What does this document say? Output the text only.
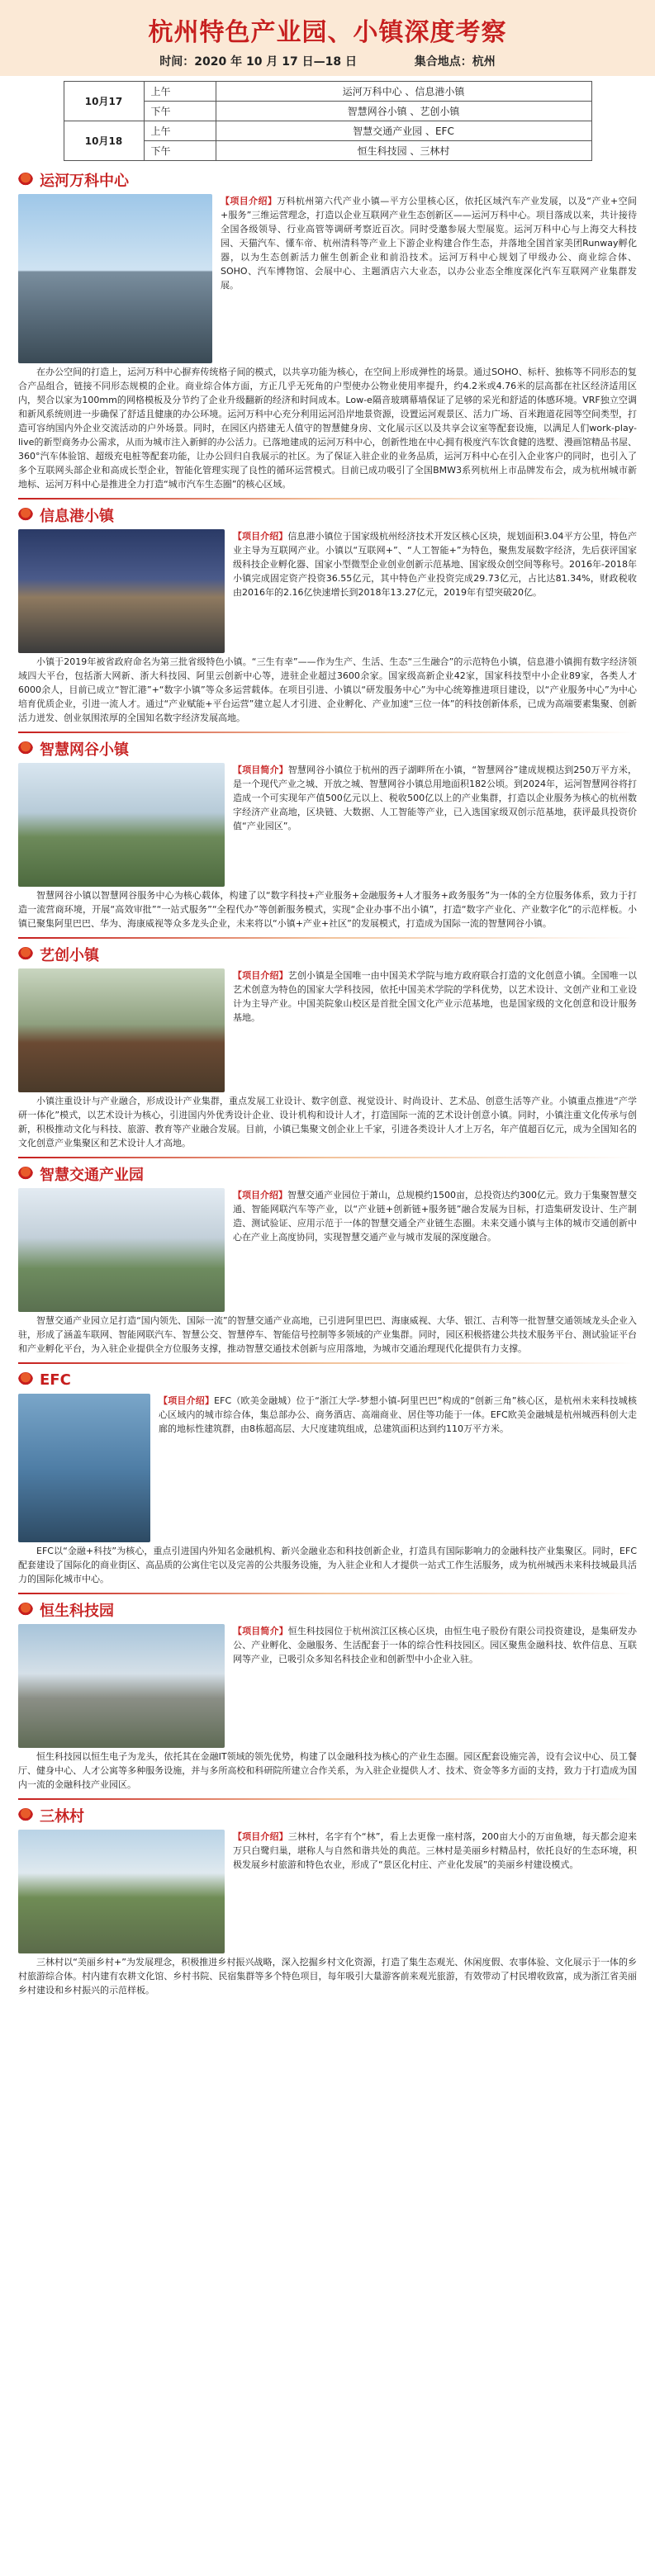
杭州特色产业园、小镇深度考察
时间：2020 年 10 月 17 日—18 日	集合地点：杭州
10月17	上午	运河万科中心 、信息港小镇
	下午	智慧网谷小镇 、艺创小镇
10月18	上午	智慧交通产业园 、EFC
	下午	恒生科技园 、三林村
运河万科中心
【项目介绍】万科杭州第六代产业小镇—平方公里核心区，依托区域汽车产业发展，以及“产业+空间+服务”三维运营理念，打造以企业互联网产业生态创新区——运河万科中心。项目落成以来，共计接待全国各级领导、行业高管等调研考察近百次。同时受邀参展大型展览。运河万科中心与上海交大科技园、天猫汽车、懂车帝、杭州清科等产业上下游企业构建合作生态，并落地全国首家美团Runway孵化器，以为生态创新活力催生创新企业和前沿技术。运河万科中心规划了甲级办公、商业综合体、SOHO、汽车博物馆、会展中心、主题酒店六大业态，以办公业态全维度深化汽车互联网产业集群发展。
在办公空间的打造上，运河万科中心摒弃传统格子间的模式，以共享功能为核心，在空间上形成弹性的场景。通过SOHO、标杆、独栋等不同形态的复合产品组合，链接不同形态规模的企业。商业综合体方面，方正几乎无死角的户型使办公物业使用率提升，约4.2米或4.76米的层高都在社区经济适用区内，契合以家为100mm的网格模板及分节约了企业升级翻新的经济和时间成本。Low-e隔音玻璃幕墙保证了足够的采光和舒适的体感环境。VRF独立空调和新风系统则进一步确保了舒适且健康的办公环境。运河万科中心充分利用运河沿岸地景资源，设置运河观景区、活力广场、百米跑道花园等空间类型，打造可容纳国内外企业交流活动的户外场景。同时，在园区内搭建无人值守的智慧健身房、文化展示区以及共享会议室等配套设施，以满足人们work-play-live的新型商务办公需求，从而为城市注入新鲜的办公活力。已落地建成的运河万科中心，创新性地在中心拥有极度汽车饮食健的选墅、漫画馆精品书屋、360°汽车体验馆、超级充电桩等配套功能，让办公回归自我展示的社区。为了保证入驻企业的业务品质，运河万科中心在引入企业客户的同时，也引入了多个互联网头部企业和高成长型企业，智能化管理实现了良性的循环运营模式。目前已成功吸引了全国BMW3系列杭州上市品牌发布会，成为杭州城市新地标、运河万科中心是推进全力打造“城市汽车生态圈”的核心区域。
信息港小镇
【项目介绍】信息港小镇位于国家级杭州经济技术开发区核心区块，规划面积3.04平方公里，特色产业主导为互联网产业。小镇以“互联网+”、“人工智能+”为特色，聚焦发展数字经济，先后获评国家级科技企业孵化器、国家小型微型企业创业创新示范基地、国家级众创空间等称号。2016年-2018年小镇完成固定资产投资36.55亿元，其中特色产业投资完成29.73亿元，占比达81.34%，财政税收由2016年的2.16亿快速增长到2018年13.27亿元，2019年有望突破20亿。
小镇于2019年被省政府命名为第三批省级特色小镇。“三生有幸”——作为生产、生活、生态“三生融合”的示范特色小镇，信息港小镇拥有数字经济领域四大平台，包括浙大网新、浙大科技园、阿里云创新中心等，进驻企业超过3600余家。国家级高新企业42家，国家科技型中小企业89家，各类人才6000余人，目前已成立“智汇港”+“数字小镇”等众多运营载体。在项目引进、小镇以“研发服务中心”为中心统筹推进项目建设，以“产业服务中心”为中心培育优质企业，引进一流人才。通过“产业赋能+平台运营”建立起人才引进、企业孵化、产业加速“三位一体”的科技创新体系，已成为高端要素集聚、创新活力迸发、创业氛围浓厚的全国知名数字经济发展高地。
智慧网谷小镇
【项目简介】智慧网谷小镇位于杭州的西子湖畔所在小镇，“智慧网谷”建成规模达到250万平方米，是一个现代产业之城、开放之城、智慧网谷小镇总用地面积182公顷。到2024年，运河智慧网谷将打造成一个可实现年产值500亿元以上、税收500亿以上的产业集群，打造以企业服务为核心的杭州数字经济产业高地，区块链、大数据、人工智能等产业，已入选国家级双创示范基地，获评最具投资价值“产业园区”。
智慧网谷小镇以智慧网谷服务中心为核心载体，构建了以“数字科技+产业服务+金融服务+人才服务+政务服务”为一体的全方位服务体系，致力于打造一流营商环境，开展“高效审批”“一站式服务”“全程代办”等创新服务模式，实现“企业办事不出小镇”，打造“数字产业化、产业数字化”的示范样板。小镇已聚集阿里巴巴、华为、海康威视等众多龙头企业，未来将以“小镇+产业+社区”的发展模式，打造成为国际一流的智慧网谷小镇。
艺创小镇
【项目介绍】艺创小镇是全国唯一由中国美术学院与地方政府联合打造的文化创意小镇。全国唯一以艺术创意为特色的国家大学科技园，依托中国美术学院的学科优势，以艺术设计、文创产业和工业设计为主导产业。中国美院象山校区是首批全国文化产业示范基地，也是国家级的文化创意和设计服务基地。
小镇注重设计与产业融合，形成设计产业集群，重点发展工业设计、数字创意、视觉设计、时尚设计、艺术品、创意生活等产业。小镇重点推进“产学研一体化”模式，以艺术设计为核心，引进国内外优秀设计企业、设计机构和设计人才，打造国际一流的艺术设计创意小镇。同时，小镇注重文化传承与创新，积极推动文化与科技、旅游、教育等产业融合发展。目前，小镇已集聚文创企业上千家，引进各类设计人才上万名，年产值超百亿元，成为全国知名的文化创意产业集聚区和艺术设计人才高地。
智慧交通产业园
【项目介绍】智慧交通产业园位于萧山，总规模约1500亩，总投资达约300亿元。致力于集聚智慧交通、智能网联汽车等产业，以“产业链+创新链+服务链”融合发展为目标，打造集研发设计、生产制造、测试验证、应用示范于一体的智慧交通全产业链生态圈。未来交通小镇与主体的城市交通创新中心在产业上高度协同，实现智慧交通产业与城市发展的深度融合。
智慧交通产业园立足打造“国内领先、国际一流”的智慧交通产业高地，已引进阿里巴巴、海康威视、大华、银江、吉利等一批智慧交通领域龙头企业入驻，形成了涵盖车联网、智能网联汽车、智慧公交、智慧停车、智能信号控制等多领域的产业集群。同时，园区积极搭建公共技术服务平台、测试验证平台和产业孵化平台，为入驻企业提供全方位服务支撑，推动智慧交通技术创新与应用落地，为城市交通治理现代化提供有力支撑。
EFC
【项目介绍】EFC（欧美金融城）位于“浙江大学-梦想小镇-阿里巴巴”构成的“创新三角”核心区，是杭州未来科技城核心区域内的城市综合体，集总部办公、商务酒店、高端商业、居住等功能于一体。EFC欧美金融城是杭州城西科创大走廊的地标性建筑群，由8栋超高层、大尺度建筑组成，总建筑面积达到约110万平方米。
EFC以“金融+科技”为核心，重点引进国内外知名金融机构、新兴金融业态和科技创新企业，打造具有国际影响力的金融科技产业集聚区。同时，EFC配套建设了国际化的商业街区、高品质的公寓住宅以及完善的公共服务设施，为入驻企业和人才提供一站式工作生活服务，成为杭州城西未来科技城最具活力的国际化城市中心。
恒生科技园
【项目简介】恒生科技园位于杭州滨江区核心区块，由恒生电子股份有限公司投资建设，是集研发办公、产业孵化、金融服务、生活配套于一体的综合性科技园区。园区聚焦金融科技、软件信息、互联网等产业，已吸引众多知名科技企业和创新型中小企业入驻。
恒生科技园以恒生电子为龙头，依托其在金融IT领域的领先优势，构建了以金融科技为核心的产业生态圈。园区配套设施完善，设有会议中心、员工餐厅、健身中心、人才公寓等多种服务设施，并与多所高校和科研院所建立合作关系，为入驻企业提供人才、技术、资金等多方面的支持，致力于打造成为国内一流的金融科技产业园区。
三林村
【项目介绍】三林村，名字有个“林”，看上去更像一座村落，200亩大小的万亩鱼塘，每天都会迎来万只白鹭归巢，堪称人与自然和谐共处的典范。三林村是美丽乡村精品村，依托良好的生态环境，积极发展乡村旅游和特色农业，形成了“景区化村庄、产业化发展”的美丽乡村建设模式。
三林村以“美丽乡村+”为发展理念，积极推进乡村振兴战略，深入挖掘乡村文化资源，打造了集生态观光、休闲度假、农事体验、文化展示于一体的乡村旅游综合体。村内建有农耕文化馆、乡村书院、民宿集群等多个特色项目，每年吸引大量游客前来观光旅游，有效带动了村民增收致富，成为浙江省美丽乡村建设和乡村振兴的示范样板。
